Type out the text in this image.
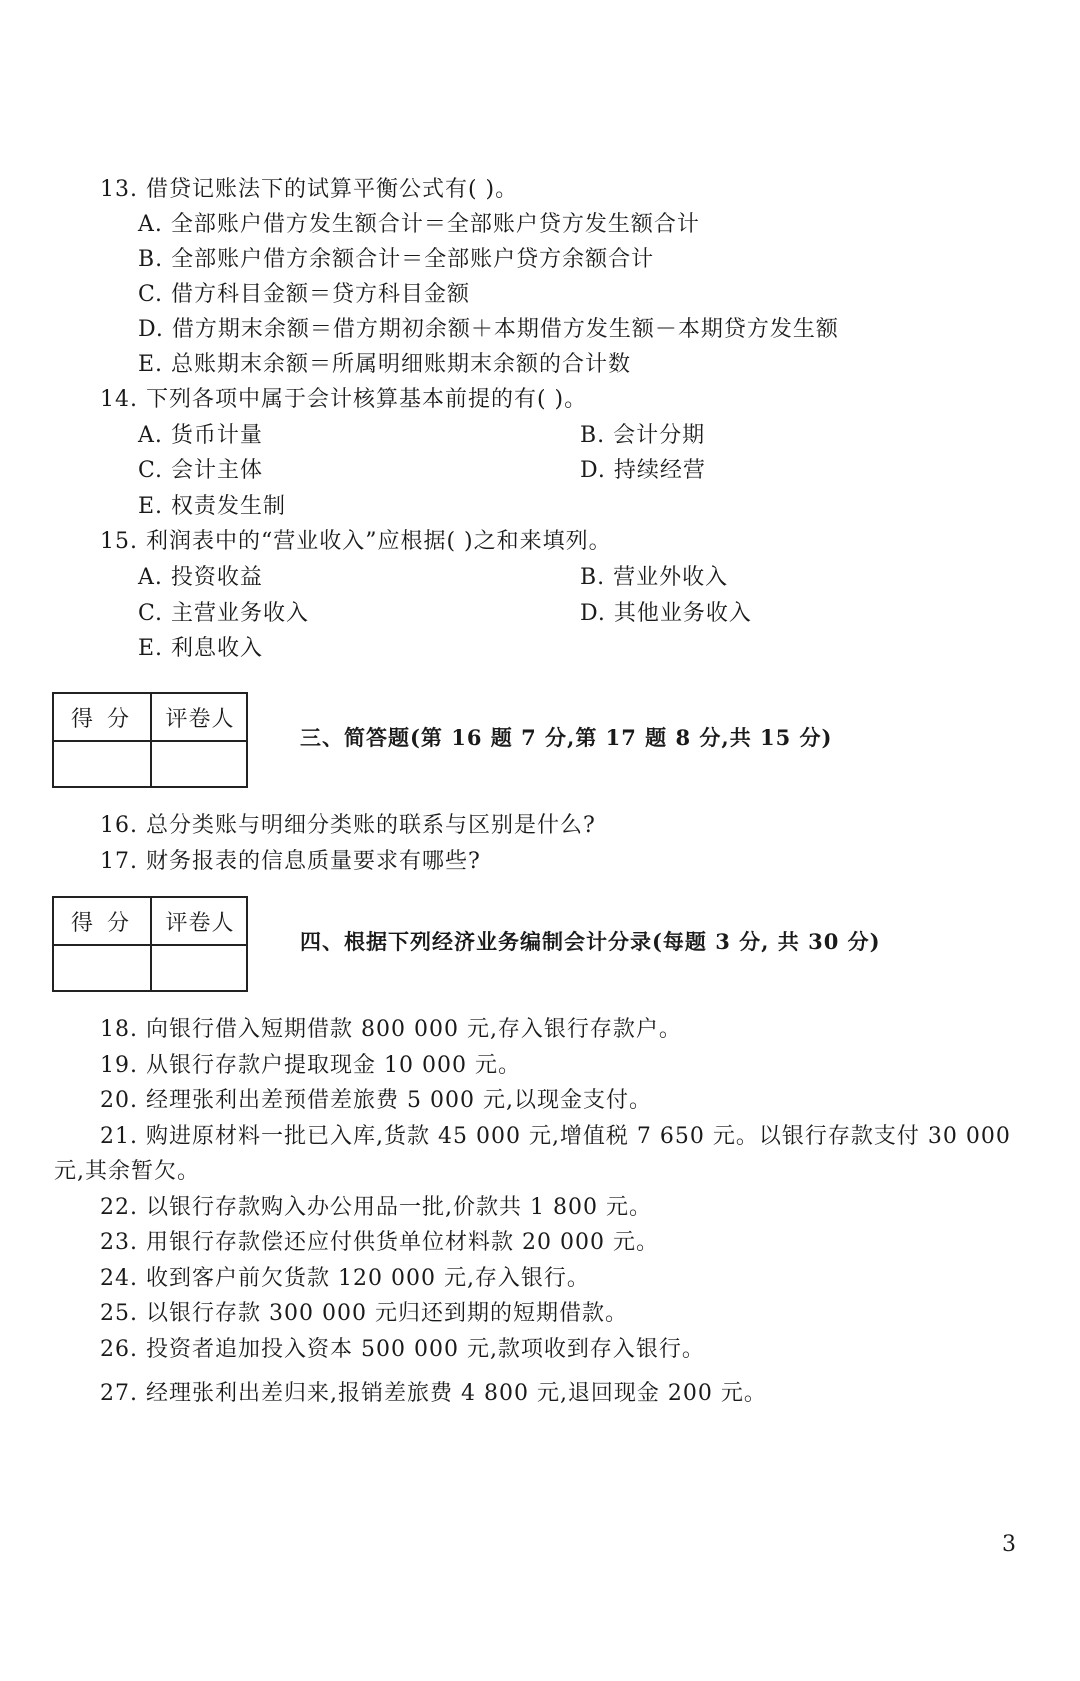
13. 借贷记账法下的试算平衡公式有( )。
A. 全部账户借方发生额合计＝全部账户贷方发生额合计
B. 全部账户借方余额合计＝全部账户贷方余额合计
C. 借方科目金额＝贷方科目金额
D. 借方期末余额＝借方期初余额＋本期借方发生额－本期贷方发生额
E. 总账期末余额＝所属明细账期末余额的合计数
14. 下列各项中属于会计核算基本前提的有( )。
A. 货币计量	B. 会计分期
C. 会计主体	D. 持续经营
E. 权责发生制
15. 利润表中的“营业收入”应根据( )之和来填列。
A. 投资收益	B. 营业外收入
C. 主营业务收入	D. 其他业务收入
E. 利息收入
得分	评卷人
三、简答题(第 16 题 7 分,第 17 题 8 分,共 15 分)
16. 总分类账与明细分类账的联系与区别是什么?
17. 财务报表的信息质量要求有哪些?
得分	评卷人
四、根据下列经济业务编制会计分录(每题 3 分, 共 30 分)
18. 向银行借入短期借款 800 000 元,存入银行存款户。
19. 从银行存款户提取现金 10 000 元。
20. 经理张利出差预借差旅费 5 000 元,以现金支付。
21. 购进原材料一批已入库,货款 45 000 元,增值税 7 650 元。以银行存款支付 30 000
元,其余暂欠。
22. 以银行存款购入办公用品一批,价款共 1 800 元。
23. 用银行存款偿还应付供货单位材料款 20 000 元。
24. 收到客户前欠货款 120 000 元,存入银行。
25. 以银行存款 300 000 元归还到期的短期借款。
26. 投资者追加投入资本 500 000 元,款项收到存入银行。
27. 经理张利出差归来,报销差旅费 4 800 元,退回现金 200 元。
3
